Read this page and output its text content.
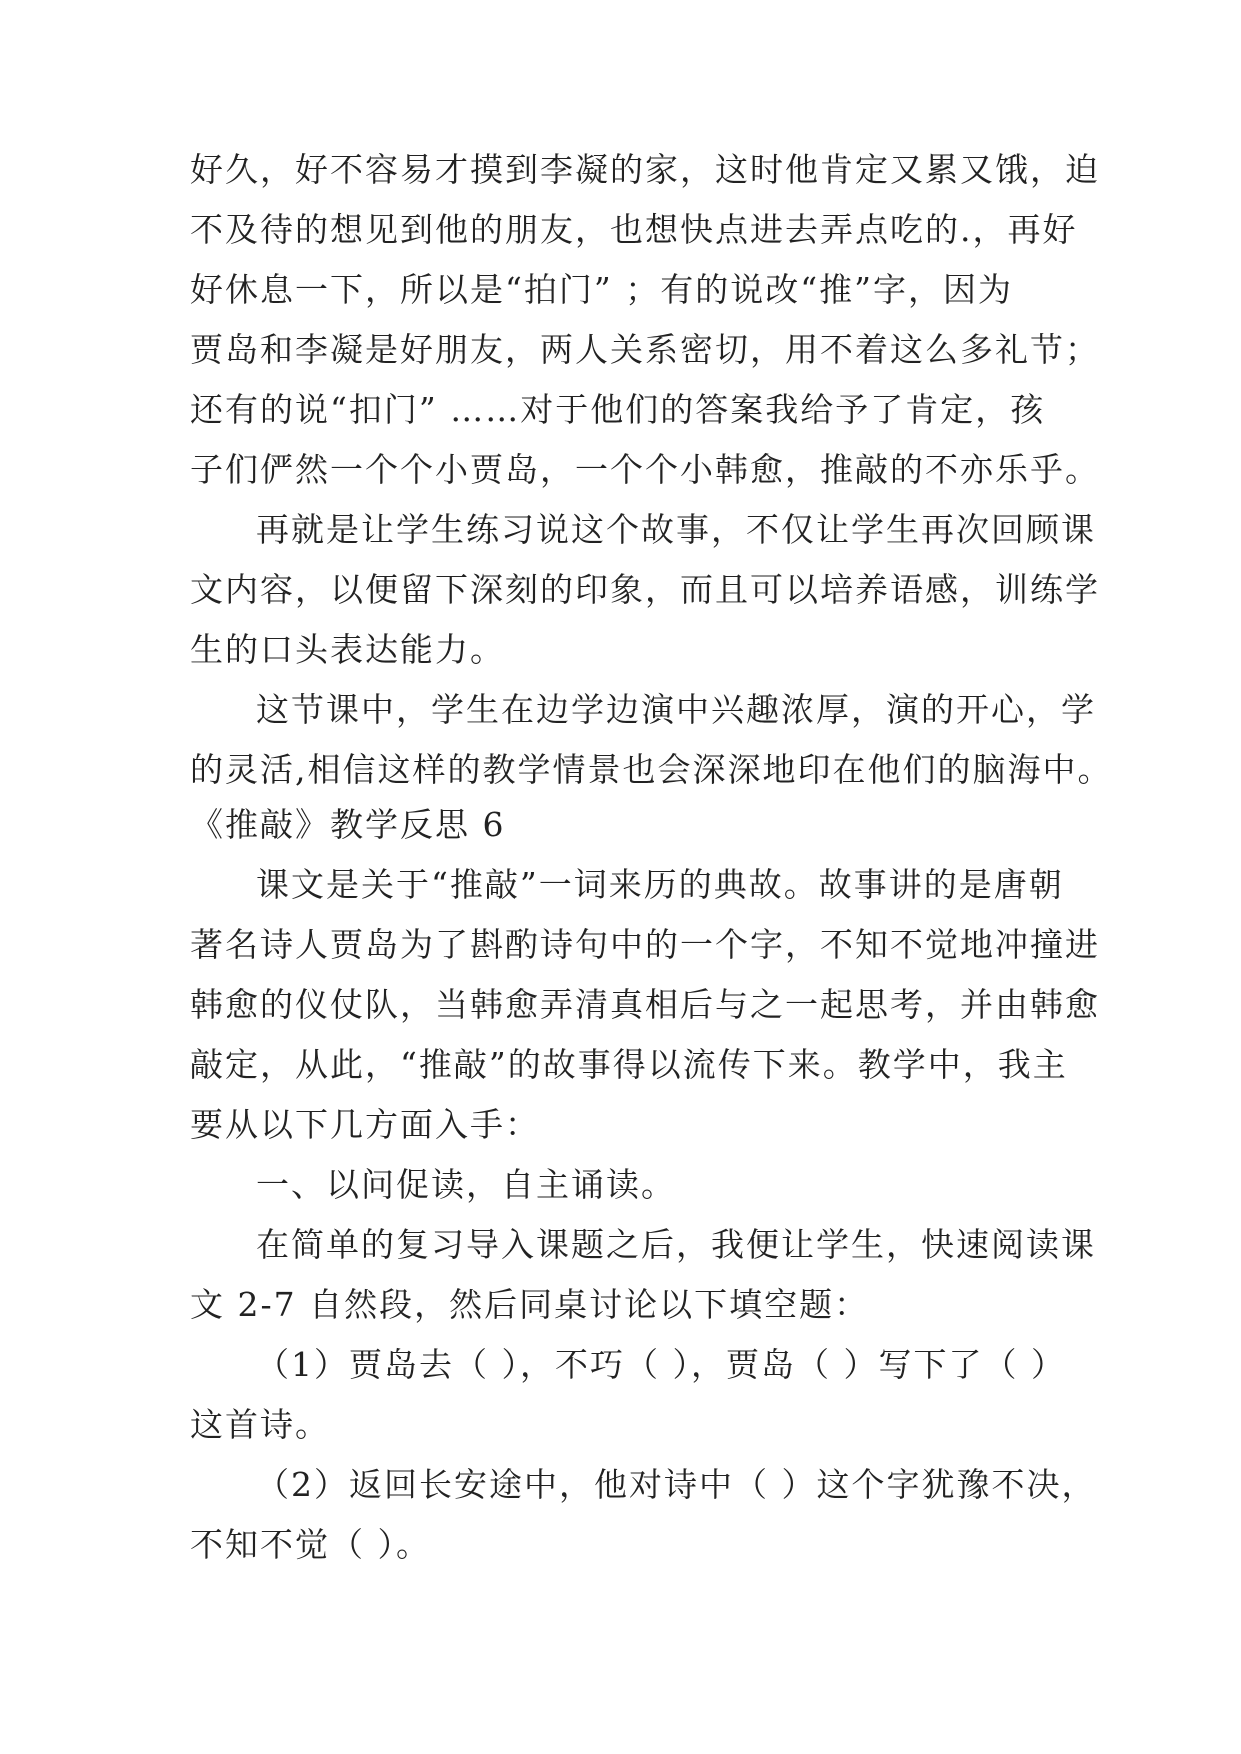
好久，好不容易才摸到李凝的家，这时他肯定又累又饿，迫
不及待的想见到他的朋友，也想快点进去弄点吃的.，再好
好休息一下，所以是“拍门” ；有的说改“推”字，因为
贾岛和李凝是好朋友，两人关系密切，用不着这么多礼节；
还有的说“扣门” ……对于他们的答案我给予了肯定，孩
子们俨然一个个小贾岛，一个个小韩愈，推敲的不亦乐乎。
再就是让学生练习说这个故事，不仅让学生再次回顾课
文内容，以便留下深刻的印象，而且可以培养语感，训练学
生的口头表达能力。
这节课中，学生在边学边演中兴趣浓厚，演的开心，学
的灵活,相信这样的教学情景也会深深地印在他们的脑海中。
《推敲》教学反思 6
课文是关于“推敲”一词来历的典故。故事讲的是唐朝
著名诗人贾岛为了斟酌诗句中的一个字，不知不觉地冲撞进
韩愈的仪仗队，当韩愈弄清真相后与之一起思考，并由韩愈
敲定，从此，“推敲”的故事得以流传下来。教学中，我主
要从以下几方面入手：
一、以问促读，自主诵读。
在简单的复习导入课题之后，我便让学生，快速阅读课
文 2-7 自然段，然后同桌讨论以下填空题：
（1）贾岛去（ ），不巧（ ），贾岛（ ）写下了（ ）
这首诗。
（2）返回长安途中，他对诗中（ ）这个字犹豫不决，
不知不觉（ ）。
